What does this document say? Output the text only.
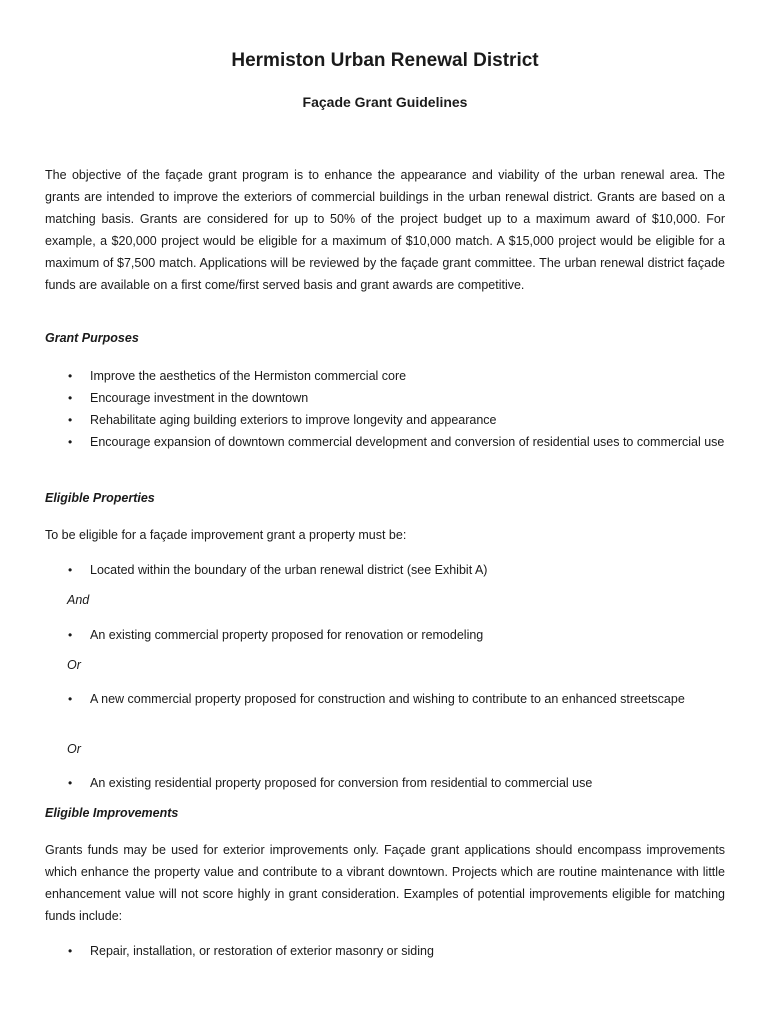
Hermiston Urban Renewal District
Façade Grant Guidelines
The objective of the façade grant program is to enhance the appearance and viability of the urban renewal area. The grants are intended to improve the exteriors of commercial buildings in the urban renewal district. Grants are based on a matching basis. Grants are considered for up to 50% of the project budget up to a maximum award of $10,000. For example, a $20,000 project would be eligible for a maximum of $10,000 match. A $15,000 project would be eligible for a maximum of $7,500 match. Applications will be reviewed by the façade grant committee. The urban renewal district façade funds are available on a first come/first served basis and grant awards are competitive.
Grant Purposes
• Improve the aesthetics of the Hermiston commercial core
• Encourage investment in the downtown
• Rehabilitate aging building exteriors to improve longevity and appearance
• Encourage expansion of downtown commercial development and conversion of residential uses to commercial use
Eligible Properties
To be eligible for a façade improvement grant a property must be:
• Located within the boundary of the urban renewal district (see Exhibit A)
And
• An existing commercial property proposed for renovation or remodeling
Or
• A new commercial property proposed for construction and wishing to contribute to an enhanced streetscape
Or
• An existing residential property proposed for conversion from residential to commercial use
Eligible Improvements
Grants funds may be used for exterior improvements only. Façade grant applications should encompass improvements which enhance the property value and contribute to a vibrant downtown. Projects which are routine maintenance with little enhancement value will not score highly in grant consideration. Examples of potential improvements eligible for matching funds include:
• Repair, installation, or restoration of exterior masonry or siding
